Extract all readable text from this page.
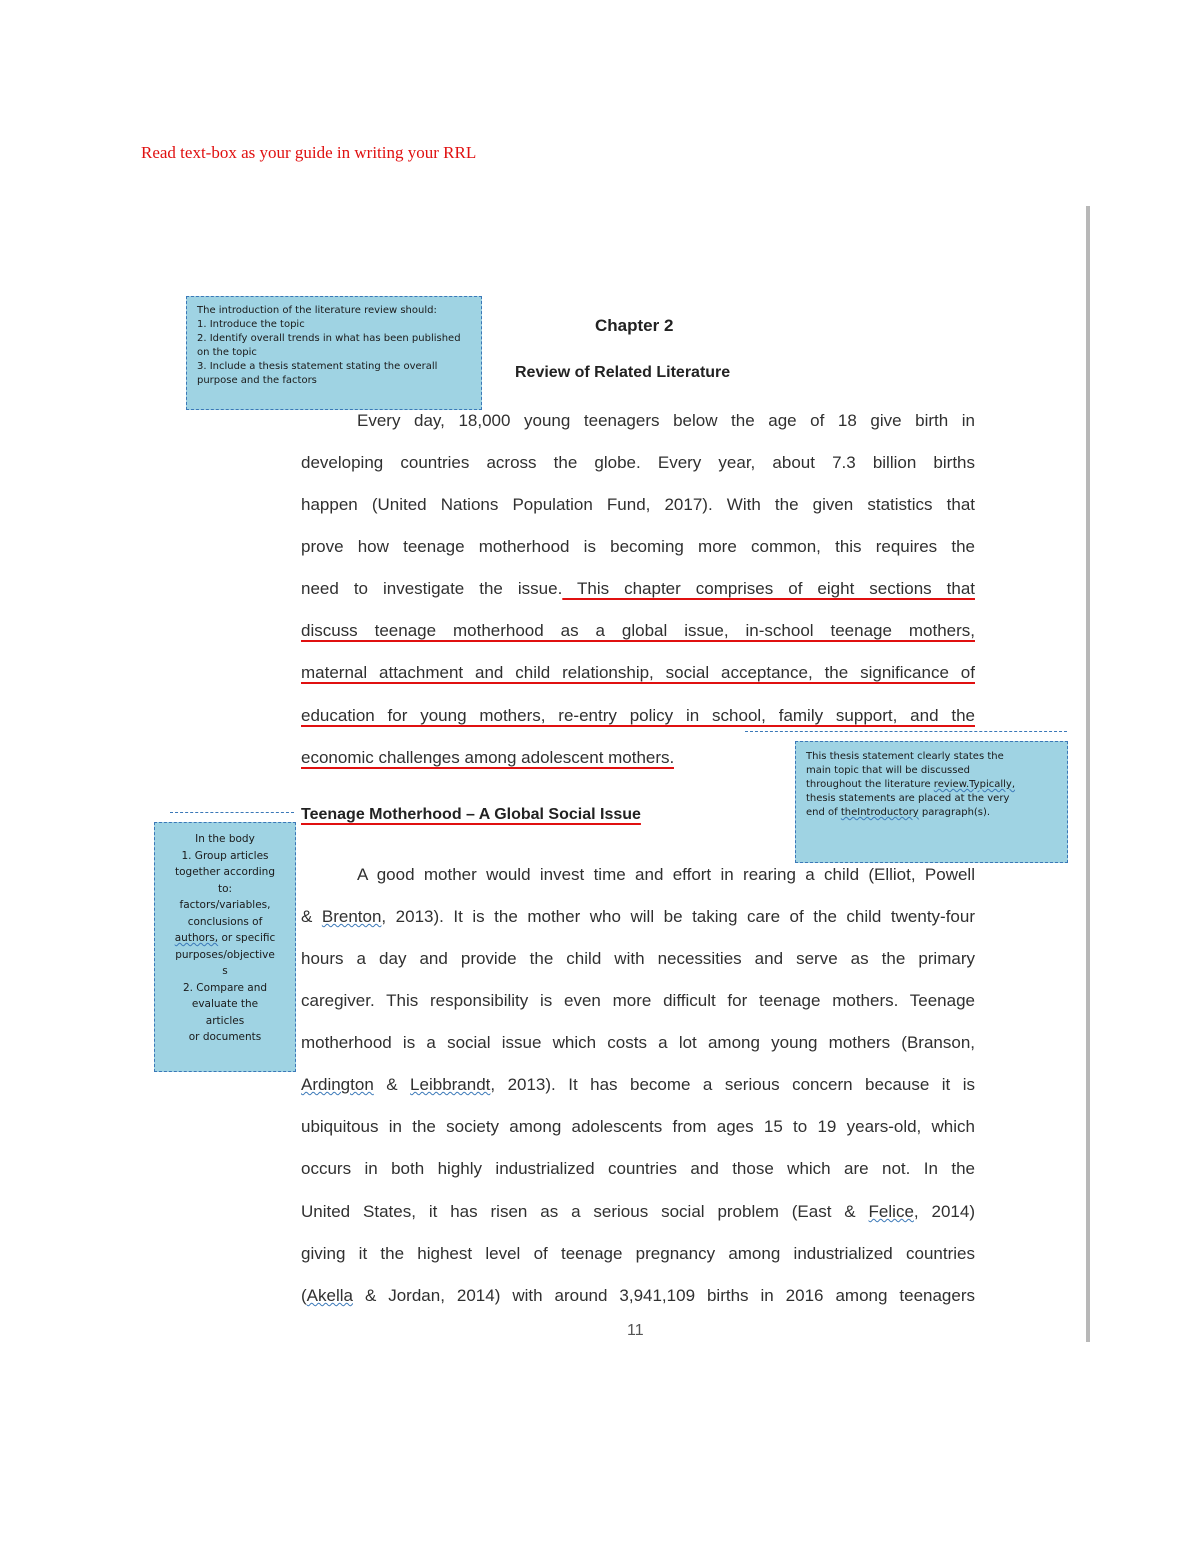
Read text-box as your guide in writing your RRL
The introduction of the literature review should:
1. Introduce the topic
2. Identify overall trends in what has been published
on the topic
3. Include a thesis statement stating the overall
purpose and the factors
Chapter 2
Review of Related Literature
Every day, 18,000 young teenagers below the age of 18 give birth in
developing countries across the globe. Every year, about 7.3 billion births
happen (United Nations Population Fund, 2017). With the given statistics that
prove how teenage motherhood is becoming more common, this requires the
need to investigate the issue. This chapter comprises of eight sections that
discuss teenage motherhood as a global issue, in-school teenage mothers,
maternal attachment and child relationship, social acceptance, the significance of
education for young mothers, re-entry policy in school, family support, and the
economic challenges among adolescent mothers.	This thesis statement clearly states the
main topic that will be discussed
throughout the literature review.Typically,
thesis statements are placed at the very
end of theIntroductory paragraph(s).
Teenage Motherhood – A Global Social Issue
In the body
1. Group articles
together according
to:
factors/variables,
conclusions of
authors, or specific
purposes/objective
s
2. Compare and
evaluate the
articles
or documents
A good mother would invest time and effort in rearing a child (Elliot, Powell
& Brenton, 2013). It is the mother who will be taking care of the child twenty-four
hours a day and provide the child with necessities and serve as the primary
caregiver. This responsibility is even more difficult for teenage mothers. Teenage
motherhood is a social issue which costs a lot among young mothers (Branson,
Ardington & Leibbrandt, 2013). It has become a serious concern because it is
ubiquitous in the society among adolescents from ages 15 to 19 years-old, which
occurs in both highly industrialized countries and those which are not. In the
United States, it has risen as a serious social problem (East & Felice, 2014)
giving it the highest level of teenage pregnancy among industrialized countries
(Akella & Jordan, 2014) with around 3,941,109 births in 2016 among teenagers
11
